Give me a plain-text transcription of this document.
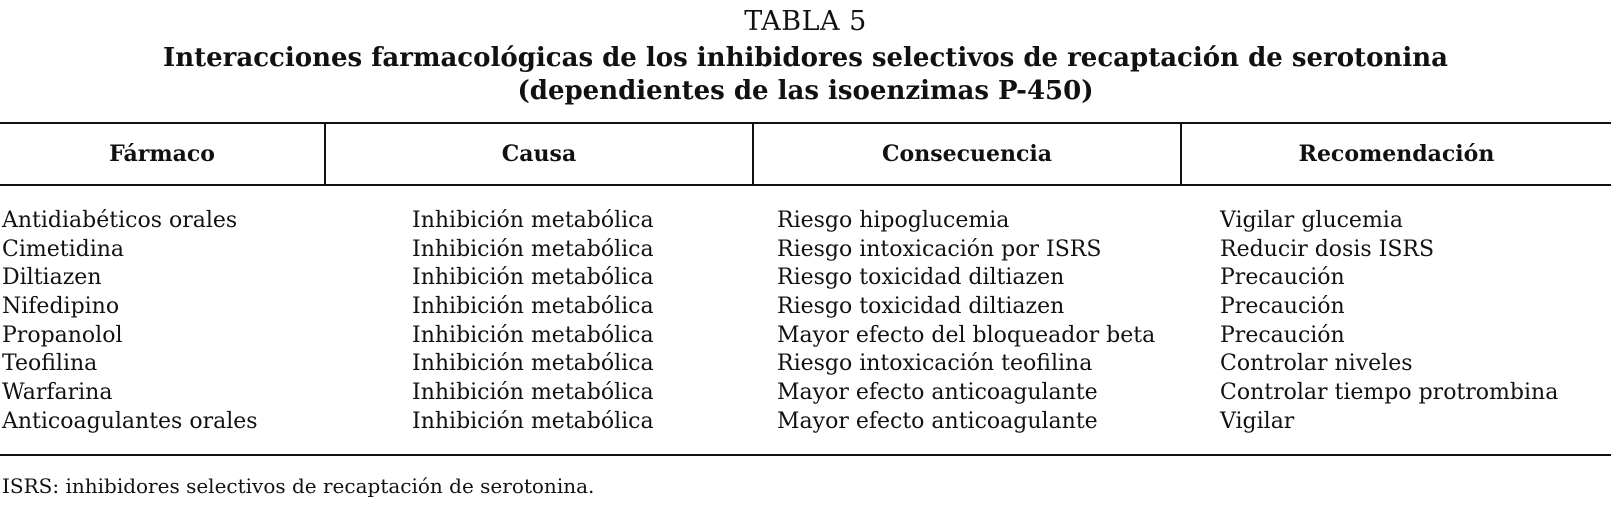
TABLA 5
Interacciones farmacológicas de los inhibidores selectivos de recaptación de serotonina
(dependientes de las isoenzimas P-450)
Fármaco	Causa	Consecuencia	Recomendación
Antidiabéticos orales	Inhibición metabólica	Riesgo hipoglucemia	Vigilar glucemia
Cimetidina	Inhibición metabólica	Riesgo intoxicación por ISRS	Reducir dosis ISRS
Diltiazen	Inhibición metabólica	Riesgo toxicidad diltiazen	Precaución
Nifedipino	Inhibición metabólica	Riesgo toxicidad diltiazen	Precaución
Propanolol	Inhibición metabólica	Mayor efecto del bloqueador beta	Precaución
Teofilina	Inhibición metabólica	Riesgo intoxicación teofilina	Controlar niveles
Warfarina	Inhibición metabólica	Mayor efecto anticoagulante	Controlar tiempo protrombina
Anticoagulantes orales	Inhibición metabólica	Mayor efecto anticoagulante	Vigilar
ISRS: inhibidores selectivos de recaptación de serotonina.
